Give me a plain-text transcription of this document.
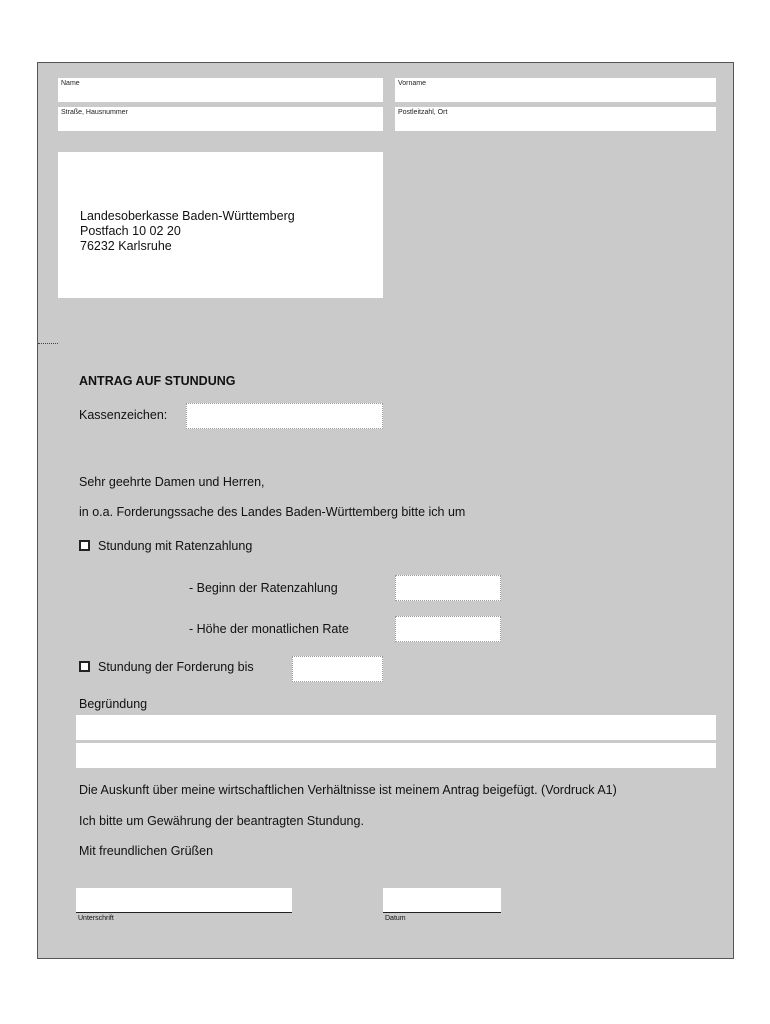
Name	Vorname
Straße, Hausnummer	Postleitzahl, Ort
Landesoberkasse Baden-Württemberg
Postfach 10 02 20
76232 Karlsruhe
ANTRAG AUF STUNDUNG
Kassenzeichen:
Sehr geehrte Damen und Herren,
in o.a. Forderungssache des Landes Baden-Württemberg bitte ich um
Stundung mit Ratenzahlung
- Beginn der Ratenzahlung
- Höhe der monatlichen Rate
Stundung der Forderung bis
Begründung
Die Auskunft über meine wirtschaftlichen Verhältnisse ist meinem Antrag beigefügt. (Vordruck A1)
Ich bitte um Gewährung der beantragten Stundung.
Mit freundlichen Grüßen
Unterschrift	Datum
